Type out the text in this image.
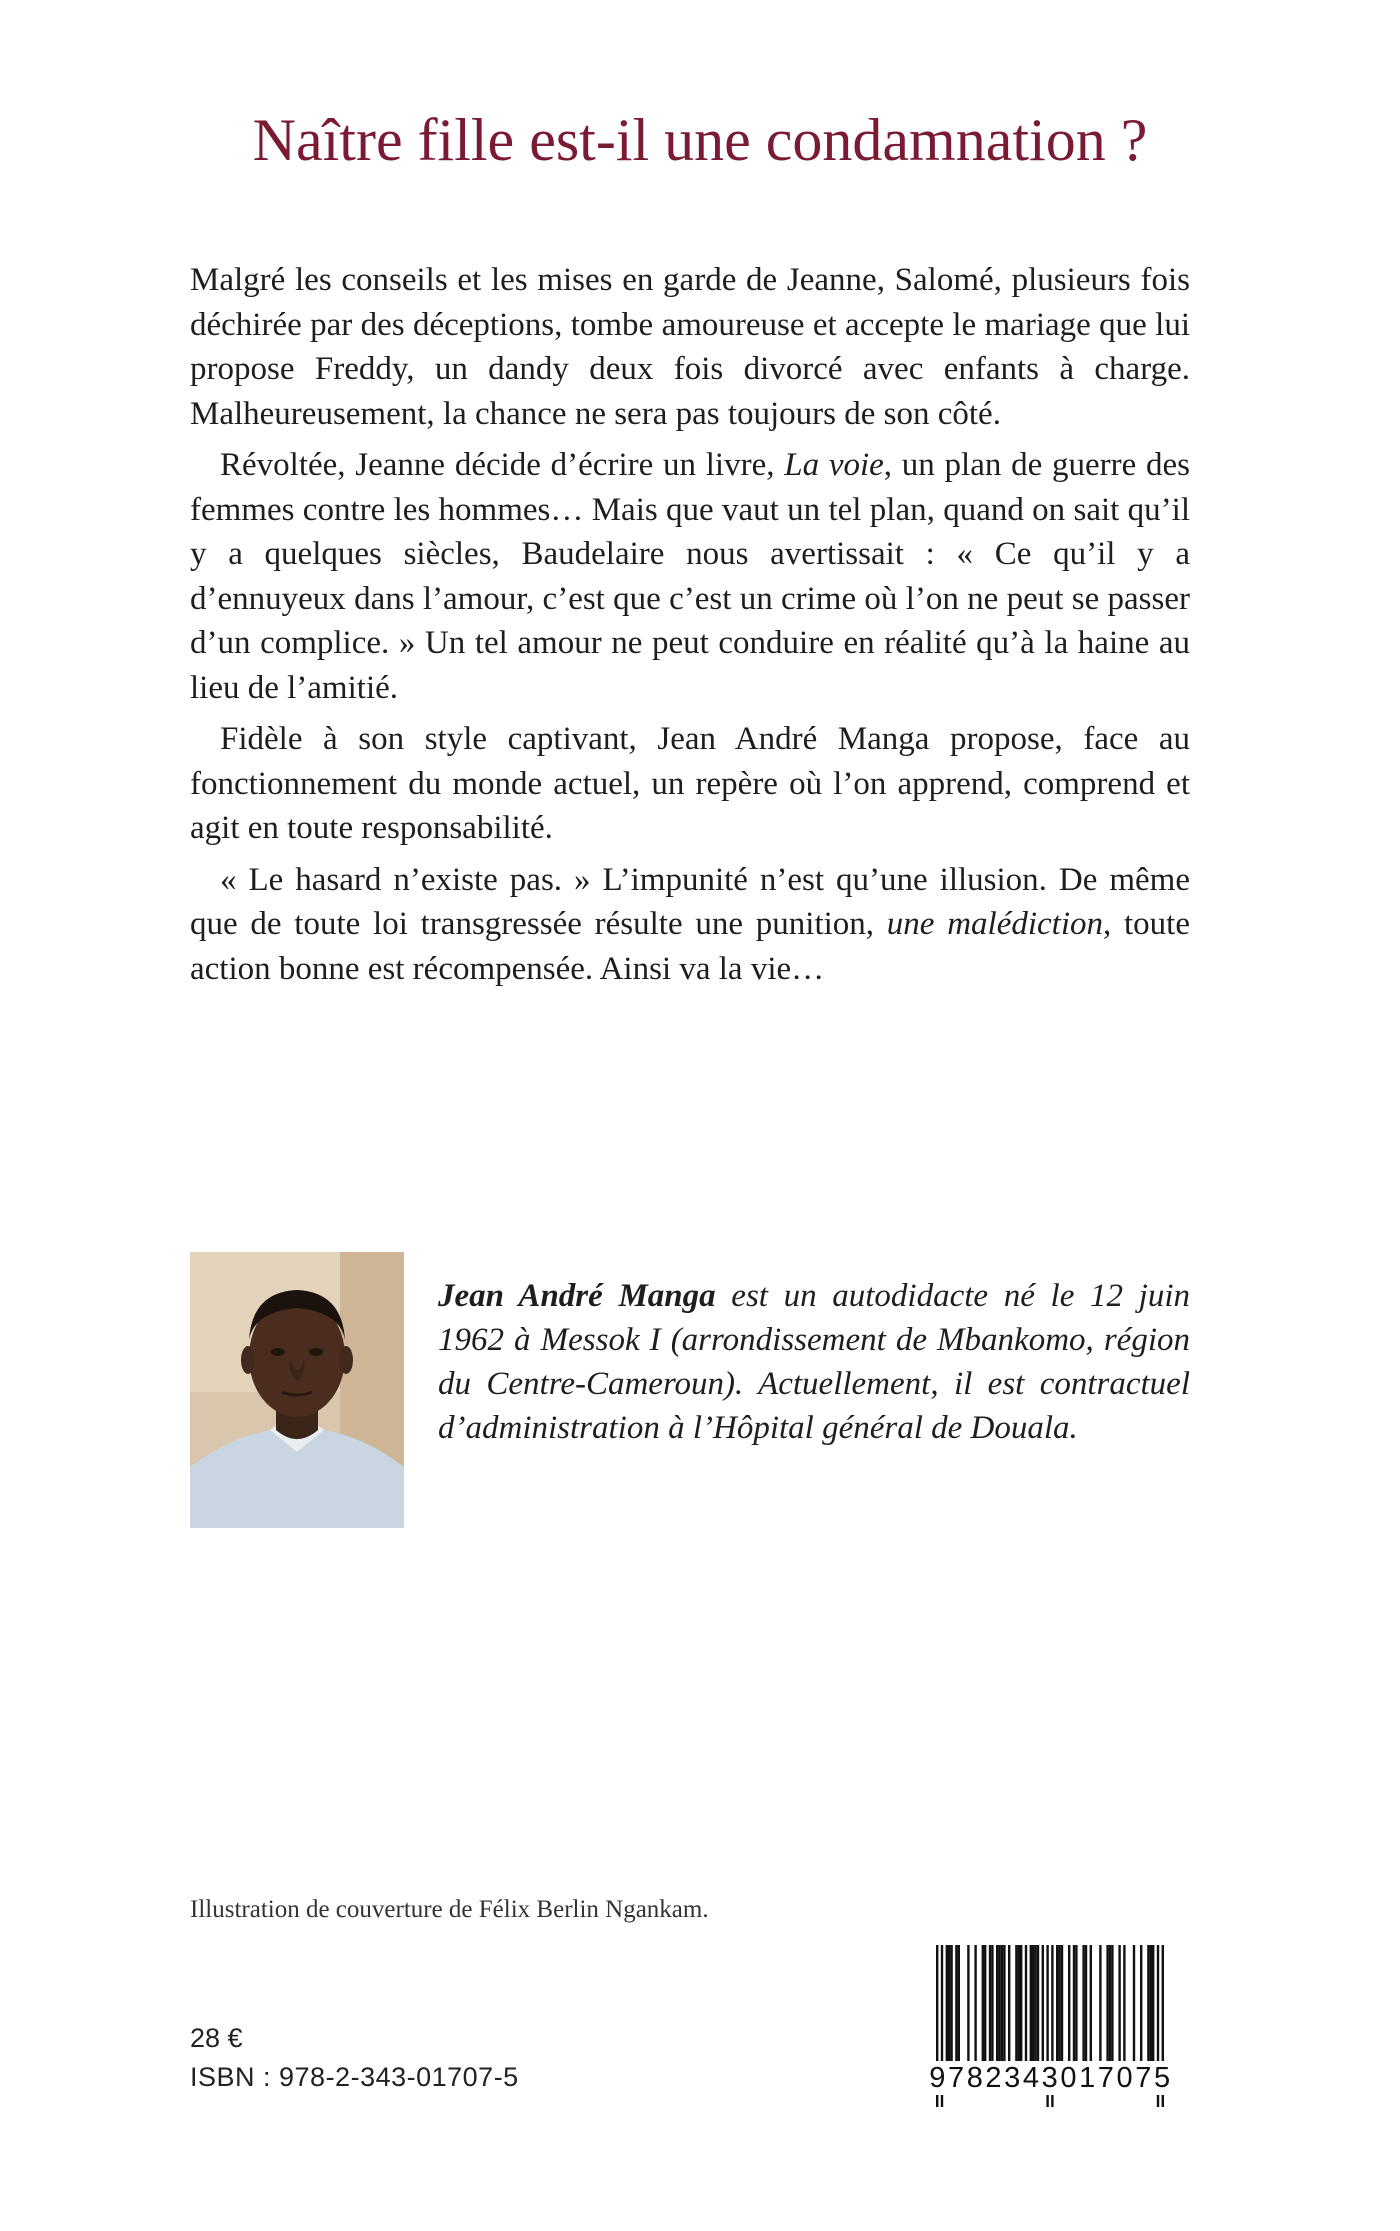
Naître fille est-il une condamnation ?

Malgré les conseils et les mises en garde de Jeanne, Salomé, plusieurs fois déchirée par des déceptions, tombe amoureuse et accepte le mariage que lui propose Freddy, un dandy deux fois divorcé avec enfants à charge. Malheureusement, la chance ne sera pas toujours de son côté.

Révoltée, Jeanne décide d’écrire un livre, La voie, un plan de guerre des femmes contre les hommes… Mais que vaut un tel plan, quand on sait qu’il y a quelques siècles, Baudelaire nous avertissait : « Ce qu’il y a d’ennuyeux dans l’amour, c’est que c’est un crime où l’on ne peut se passer d’un complice. » Un tel amour ne peut conduire en réalité qu’à la haine au lieu de l’amitié.

Fidèle à son style captivant, Jean André Manga propose, face au fonctionnement du monde actuel, un repère où l’on apprend, comprend et agit en toute responsabilité.

« Le hasard n’existe pas. » L’impunité n’est qu’une illusion. De même que de toute loi transgressée résulte une punition, une malédiction, toute action bonne est récompensée. Ainsi va la vie…

Jean André Manga est un autodidacte né le 12 juin 1962 à Messok I (arrondissement de Mbankomo, région du Centre-Cameroun). Actuellement, il est contractuel d’administration à l’Hôpital général de Douala.
Illustration de couverture de Félix Berlin Ngankam.
28 €
ISBN : 978-2-343-01707-5	9782343017075
